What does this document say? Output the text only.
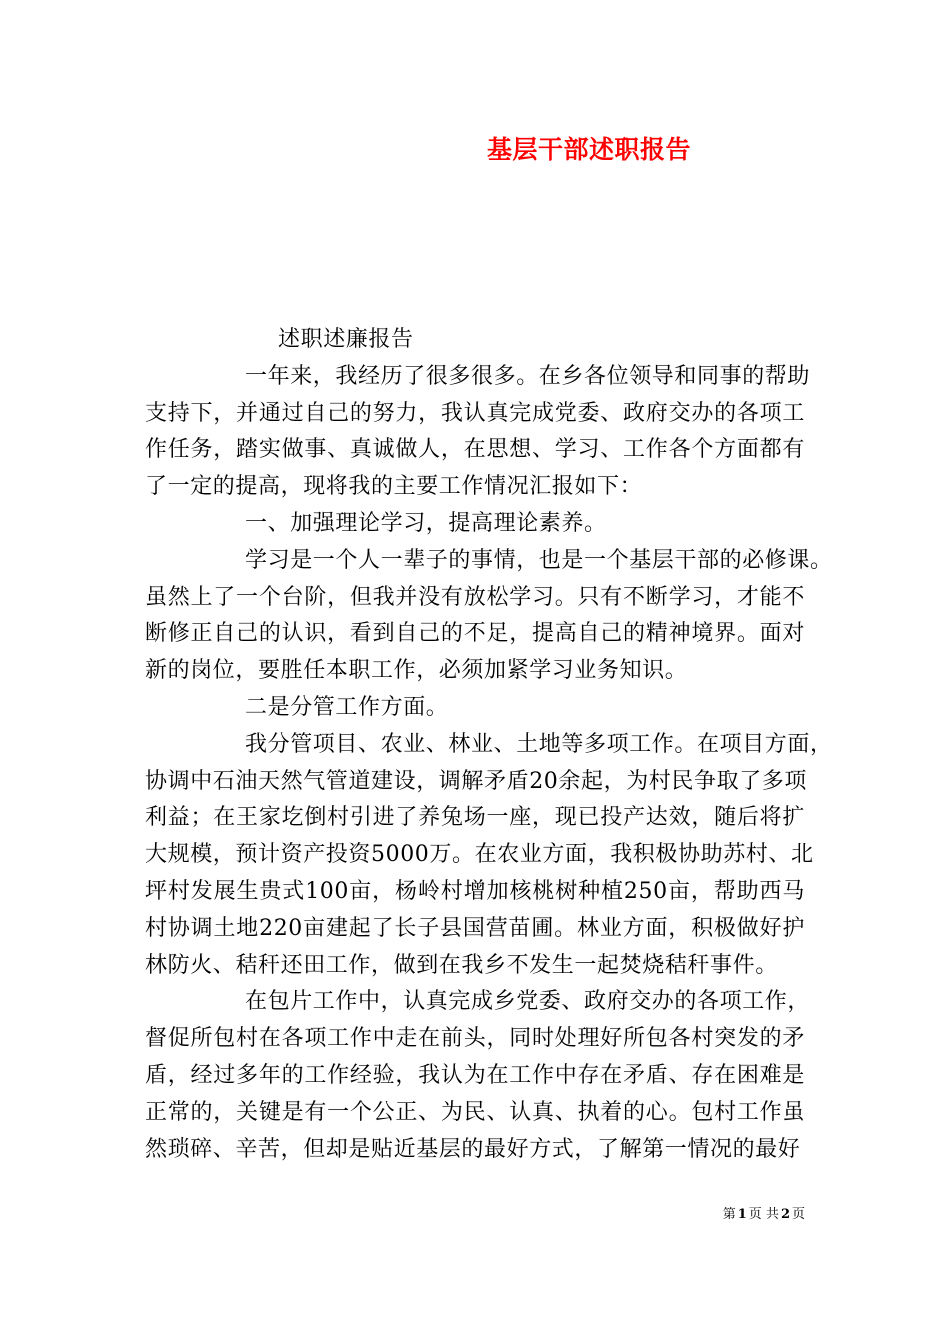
基层干部述职报告
述职述廉报告
一年来，我经历了很多很多。在乡各位领导和同事的帮助
支持下，并通过自己的努力，我认真完成党委、政府交办的各项工
作任务，踏实做事、真诚做人，在思想、学习、工作各个方面都有
了一定的提高，现将我的主要工作情况汇报如下：
一、加强理论学习，提高理论素养。
学习是一个人一辈子的事情，也是一个基层干部的必修课。
虽然上了一个台阶，但我并没有放松学习。只有不断学习，才能不
断修正自己的认识，看到自己的不足，提高自己的精神境界。面对
新的岗位，要胜任本职工作，必须加紧学习业务知识。
二是分管工作方面。
我分管项目、农业、林业、土地等多项工作。在项目方面，
协调中石油天然气管道建设，调解矛盾20余起，为村民争取了多项
利益；在王家圪倒村引进了养兔场一座，现已投产达效，随后将扩
大规模，预计资产投资5000万。在农业方面，我积极协助苏村、北
坪村发展生贵式100亩，杨岭村增加核桃树种植250亩，帮助西马
村协调土地220亩建起了长子县国营苗圃。林业方面，积极做好护
林防火、秸秆还田工作，做到在我乡不发生一起焚烧秸秆事件。
在包片工作中，认真完成乡党委、政府交办的各项工作，
督促所包村在各项工作中走在前头，同时处理好所包各村突发的矛
盾，经过多年的工作经验，我认为在工作中存在矛盾、存在困难是
正常的，关键是有一个公正、为民、认真、执着的心。包村工作虽
然琐碎、辛苦，但却是贴近基层的最好方式，了解第一情况的最好
第 1 页 共 2 页
